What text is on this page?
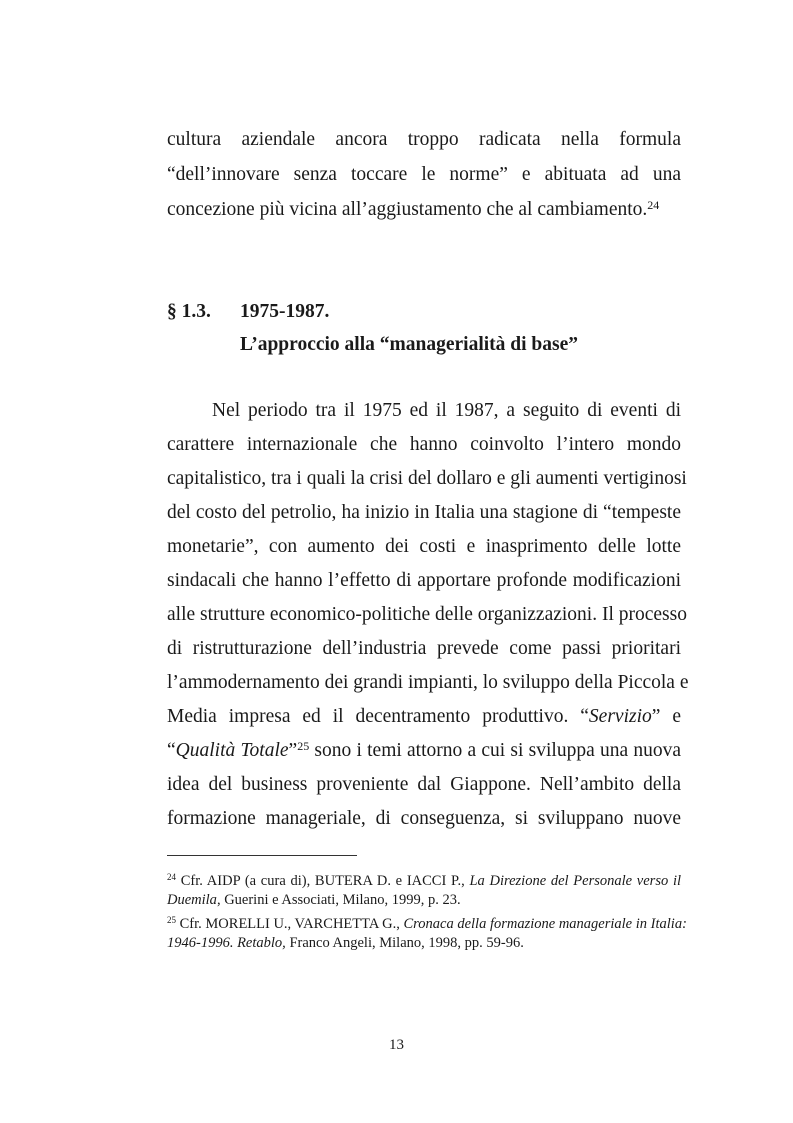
cultura aziendale ancora troppo radicata nella formula
“dell’innovare senza toccare le norme” e abituata ad una
concezione più vicina all’aggiustamento che al cambiamento.$^{24}$
§ 1.3. 1975-1987.
L’approccio alla “managerialità di base”
Nel periodo tra il 1975 ed il 1987, a seguito di eventi di
carattere internazionale che hanno coinvolto l’intero mondo
capitalistico, tra i quali la crisi del dollaro e gli aumenti vertiginosi
del costo del petrolio, ha inizio in Italia una stagione di “tempeste
monetarie”, con aumento dei costi e inasprimento delle lotte
sindacali che hanno l’effetto di apportare profonde modificazioni
alle strutture economico-politiche delle organizzazioni. Il processo
di ristrutturazione dell’industria prevede come passi prioritari
l’ammodernamento dei grandi impianti, lo sviluppo della Piccola e
Media impresa ed il decentramento produttivo. “Servizio” e
“Qualità Totale”$^{25}$ sono i temi attorno a cui si sviluppa una nuova
idea del business proveniente dal Giappone. Nell’ambito della
formazione manageriale, di conseguenza, si sviluppano nuove
$^{24}$ Cfr. AIDP (a cura di), BUTERA D. e IACCI P., La Direzione del Personale verso il
Duemila, Guerini e Associati, Milano, 1999, p. 23.
$^{25}$ Cfr. MORELLI U., VARCHETTA G., Cronaca della formazione manageriale in Italia:
1946-1996. Retablo, Franco Angeli, Milano, 1998, pp. 59-96.
13
